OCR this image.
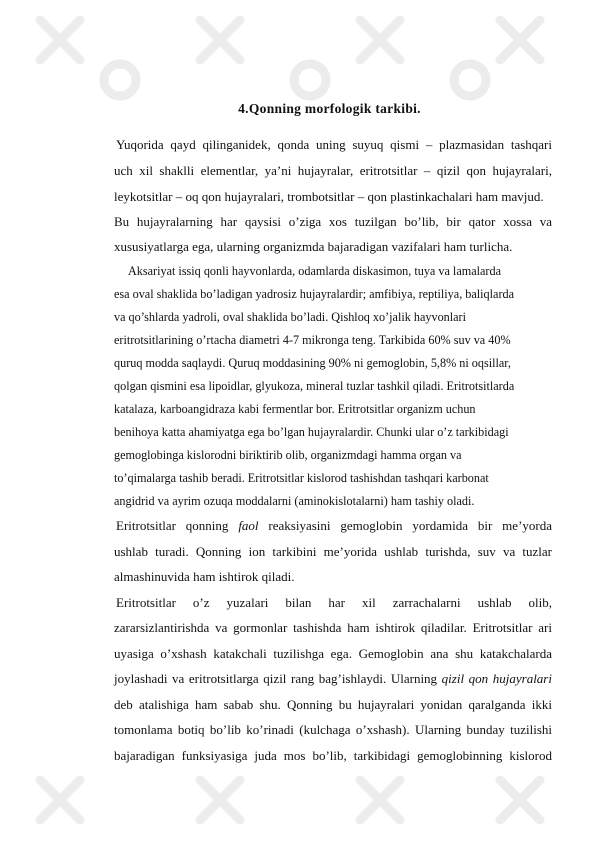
4.Qonning morfologik tarkibi.
Yuqorida qayd qilinganidek, qonda uning suyuq qismi – plazmasidan tashqari
uch xil shaklli elementlar, ya’ni hujayralar, eritrotsitlar – qizil qon hujayralari,
leykotsitlar – oq qon hujayralari, trombotsitlar – qon plastinkachalari ham mavjud.
Bu hujayralarning har qaysisi o’ziga xos tuzilgan bo’lib, bir qator xossa va
xususiyatlarga ega, ularning organizmda bajaradigan vazifalari ham turlicha.
Aksariyat issiq qonli hayvonlarda, odamlarda diskasimon, tuya va lamalarda
esa oval shaklida bo’ladigan yadrosiz hujayralardir; amfibiya, reptiliya, baliqlarda
va qo’shlarda yadroli, oval shaklida bo’ladi. Qishloq xo’jalik hayvonlari
eritrotsitlarining o’rtacha diametri 4-7 mikronga teng. Tarkibida 60% suv va 40%
quruq modda saqlaydi. Quruq moddasining 90% ni gemoglobin, 5,8% ni oqsillar,
qolgan qismini esa lipoidlar, glyukoza, mineral tuzlar tashkil qiladi. Eritrotsitlarda
katalaza, karboangidraza kabi fermentlar bor. Eritrotsitlar organizm uchun
benihoya katta ahamiyatga ega bo’lgan hujayralardir. Chunki ular o’z tarkibidagi
gemoglobinga kislorodni biriktirib olib, organizmdagi hamma organ va
to’qimalarga tashib beradi. Eritrotsitlar kislorod tashishdan tashqari karbonat
angidrid va ayrim ozuqa moddalarni (aminokislotalarni) ham tashiy oladi.
Eritrotsitlar qonning faol reaksiyasini gemoglobin yordamida bir me’yorda
ushlab turadi. Qonning ion tarkibini me’yorida ushlab turishda, suv va tuzlar
almashinuvida ham ishtirok qiladi.
Eritrotsitlar o’z yuzalari bilan har xil zarrachalarni ushlab olib,
zararsizlantirishda va gormonlar tashishda ham ishtirok qiladilar. Eritrotsitlar ari
uyasiga o’xshash katakchali tuzilishga ega. Gemoglobin ana shu katakchalarda
joylashadi va eritrotsitlarga qizil rang bag’ishlaydi. Ularning qizil qon hujayralari
deb atalishiga ham sabab shu. Qonning bu hujayralari yonidan qaralganda ikki
tomonlama botiq bo’lib ko’rinadi (kulchaga o’xshash). Ularning bunday tuzilishi
bajaradigan funksiyasiga juda mos bo’lib, tarkibidagi gemoglobinning kislorod
